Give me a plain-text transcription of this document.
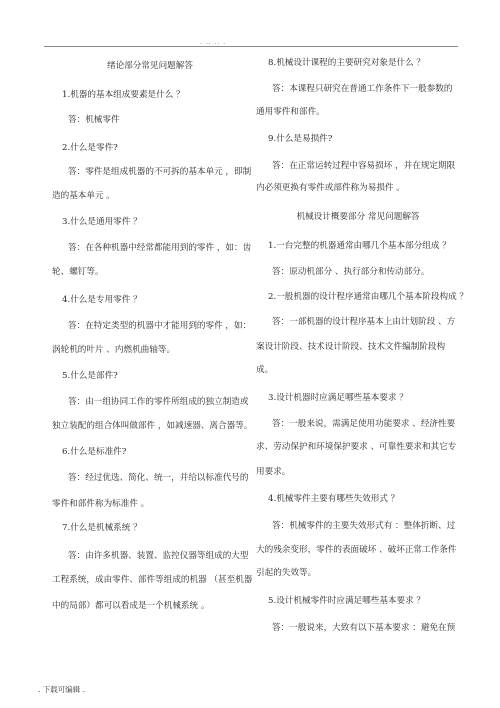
. .. .. .
绪论部分常见问题解答
1.机器的基本组成要素是什么 ？
答：机械零件
2.什么是零件?
答：零件是组成机器的不可拆的基本单元 ，即制
造的基本单元 。
3.什么是通用零件 ？
答：在各种机器中经常都能用到的零件 ，如：齿
轮、螺钉等。
4.什么是专用零件 ？
答：在特定类型的机器中才能用到的零件 ，如：
涡轮机的叶片 、内燃机曲轴等。
5.什么是部件?
答：由一组协同工作的零件所组成的独立制造或
独立装配的组合体叫做部件 ，如减速器、离合器等。
6.什么是标准件?
答：经过优选、简化、统一，并给以标准代号的
零件和部件称为标准件 。
7.什么是机械系统 ？
答：由许多机器、装置、监控仪器等组成的大型
工程系统，成由零件、部件等组成的机器 （甚至机器
中的局部）都可以看成是一个机械系统 。
8.机械设计课程的主要研究对象是什么 ？
答：本课程只研究在普通工作条件下一般参数的
通用零件和部件。
9.什么是易损件?
答：在正常运转过程中容易损坏 ，并在规定期限
内必须更换有零件或部件称为易损件 。
机械设计概要部分 常见问题解答
1.一台完整的机器通常由哪几个基本部分组成 ？
答：原动机部分 、执行部分和传动部分。
2.一般机器的设计程序通常由哪几个基本阶段构成 ？
答：一部机器的设计程序基本上由计划阶段 、方
案设计阶段、技术设计阶段、技术文件编制阶段构
成。
3.设计机器时应满足哪些基本要求 ？
答：一般来说，需满足使用功能要求 、经济性要
求、劳动保护和环境保护要求 、可靠性要求和其它专
用要求。
4.机械零件主要有哪些失效形式 ？
答：机械零件的主要失效形式有 ：整体折断、过
大的残余变形，零件的表面破坏 、破坏正常工作条件
引起的失效等。
5.设计机械零件时应满足哪些基本要求 ？
答：一般说来，大致有以下基本要求 ：避免在预
. 下载可编辑 .
